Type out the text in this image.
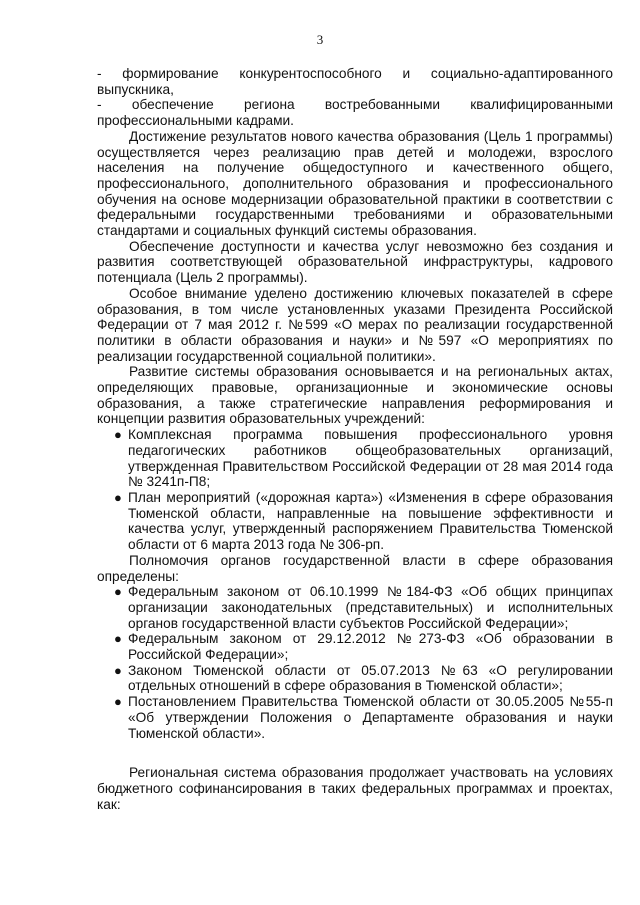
3

- формирование конкурентоспособного и социально-адаптированного выпускника,

- обеспечение региона востребованными квалифицированными профессиональными кадрами.

Достижение результатов нового качества образования (Цель 1 программы) осуществляется через реализацию прав детей и молодежи, взрослого населения на получение общедоступного и качественного общего, профессионального, дополнительного образования и профессионального обучения на основе модернизации образовательной практики в соответствии с федеральными государственными требованиями и образовательными стандартами и социальных функций системы образования.

Обеспечение доступности и качества услуг невозможно без создания и развития соответствующей образовательной инфраструктуры, кадрового потенциала (Цель 2 программы).

Особое внимание уделено достижению ключевых показателей в сфере образования, в том числе установленных указами Президента Российской Федерации от 7 мая 2012 г. №599 «О мерах по реализации государственной политики в области образования и науки» и №597 «О мероприятиях по реализации государственной социальной политики».

Развитие системы образования основывается и на региональных актах, определяющих правовые, организационные и экономические основы образования, а также стратегические направления реформирования и концепции развития образовательных учреждений:

● Комплексная программа повышения профессионального уровня педагогических работников общеобразовательных организаций, утвержденная Правительством Российской Федерации от 28 мая 2014 года № 3241п-П8;
● План мероприятий («дорожная карта») «Изменения в сфере образования Тюменской области, направленные на повышение эффективности и качества услуг, утвержденный распоряжением Правительства Тюменской области от 6 марта 2013 года № 306-рп.

Полномочия органов государственной власти в сфере образования определены:

● Федеральным законом от 06.10.1999 №184-ФЗ «Об общих принципах организации законодательных (представительных) и исполнительных органов государственной власти субъектов Российской Федерации»;
● Федеральным законом от 29.12.2012 №273-ФЗ «Об образовании в Российской Федерации»;
● Законом Тюменской области от 05.07.2013 №63 «О регулировании отдельных отношений в сфере образования в Тюменской области»;
● Постановлением Правительства Тюменской области от 30.05.2005 №55-п «Об утверждении Положения о Департаменте образования и науки Тюменской области».

Региональная система образования продолжает участвовать на условиях бюджетного софинансирования в таких федеральных программах и проектах, как:
